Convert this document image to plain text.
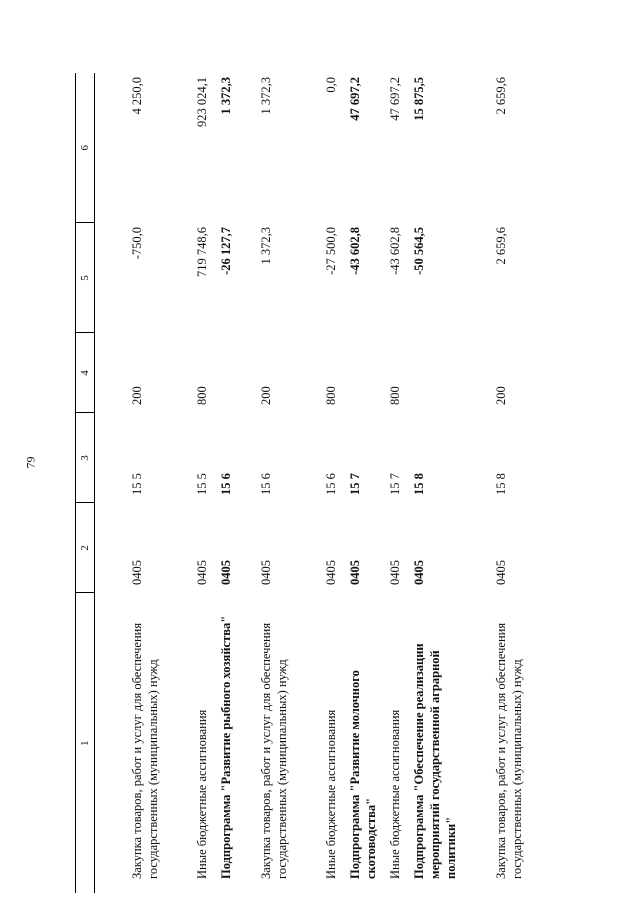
79
1	2	3	4	5	6
Закупка товаров, работ и услуг для обеспечения государственных (муниципальных) нужд	0405	15 5	200	-750,0	4 250,0
Иные бюджетные ассигнования	0405	15 5	800	719 748,6	923 024,1
Подпрограмма "Развитие рыбного хозяйства"	0405	15 6		-26 127,7	1 372,3
Закупка товаров, работ и услуг для обеспечения государственных (муниципальных) нужд	0405	15 6	200	1 372,3	1 372,3
Иные бюджетные ассигнования	0405	15 6	800	-27 500,0	0,0
Подпрограмма "Развитие молочного скотоводства"	0405	15 7		-43 602,8	47 697,2
Иные бюджетные ассигнования	0405	15 7	800	-43 602,8	47 697,2
Подпрограмма "Обеспечение реализации мероприятий государственной аграрной политики"	0405	15 8		-50 564,5	15 875,5
Закупка товаров, работ и услуг для обеспечения государственных (муниципальных) нужд	0405	15 8	200	2 659,6	2 659,6
